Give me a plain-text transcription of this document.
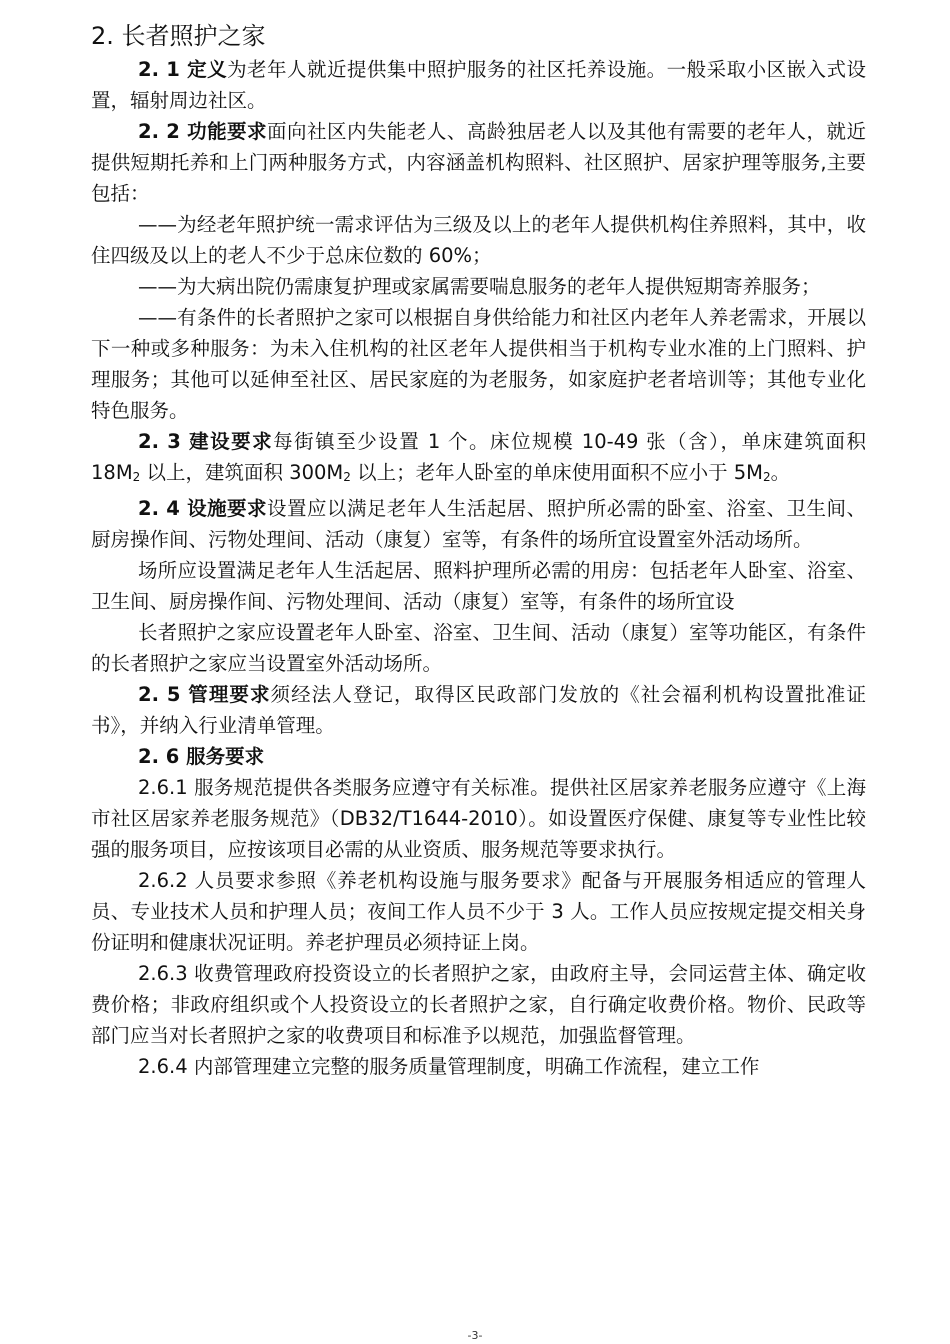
2. 长者照护之家

2. 1 定义为老年人就近提供集中照护服务的社区托养设施。一般采取小区嵌入式设置，辐射周边社区。

2. 2 功能要求面向社区内失能老人、高龄独居老人以及其他有需要的老年人，就近提供短期托养和上门两种服务方式，内容涵盖机构照料、社区照护、居家护理等服务,主要包括：

——为经老年照护统一需求评估为三级及以上的老年人提供机构住养照料，其中，收住四级及以上的老人不少于总床位数的 60%；

——为大病出院仍需康复护理或家属需要喘息服务的老年人提供短期寄养服务；

——有条件的长者照护之家可以根据自身供给能力和社区内老年人养老需求，开展以下一种或多种服务：为未入住机构的社区老年人提供相当于机构专业水准的上门照料、护理服务；其他可以延伸至社区、居民家庭的为老服务，如家庭护老者培训等；其他专业化特色服务。

2. 3 建设要求每街镇至少设置 1 个。床位规模 10-49 张（含），单床建筑面积 $18M_2$ 以上，建筑面积 $300M_2$ 以上；老年人卧室的单床使用面积不应小于 $5M_2$。

2. 4 设施要求设置应以满足老年人生活起居、照护所必需的卧室、浴室、卫生间、厨房操作间、污物处理间、活动（康复）室等，有条件的场所宜设置室外活动场所。

场所应设置满足老年人生活起居、照料护理所必需的用房：包括老年人卧室、浴室、卫生间、厨房操作间、污物处理间、活动（康复）室等，有条件的场所宜设

长者照护之家应设置老年人卧室、浴室、卫生间、活动（康复）室等功能区，有条件的长者照护之家应当设置室外活动场所。

2. 5 管理要求须经法人登记，取得区民政部门发放的《社会福利机构设置批准证书》，并纳入行业清单管理。

2. 6 服务要求

2.6.1 服务规范提供各类服务应遵守有关标准。提供社区居家养老服务应遵守《上海市社区居家养老服务规范》（DB32/T1644-2010）。如设置医疗保健、康复等专业性比较强的服务项目，应按该项目必需的从业资质、服务规范等要求执行。

2.6.2 人员要求参照《养老机构设施与服务要求》配备与开展服务相适应的管理人员、专业技术人员和护理人员；夜间工作人员不少于 3 人。工作人员应按规定提交相关身份证明和健康状况证明。养老护理员必须持证上岗。

2.6.3 收费管理政府投资设立的长者照护之家，由政府主导，会同运营主体、确定收费价格；非政府组织或个人投资设立的长者照护之家，自行确定收费价格。物价、民政等部门应当对长者照护之家的收费项目和标准予以规范，加强监督管理。

2.6.4 内部管理建立完整的服务质量管理制度，明确工作流程，建立工作

-3-
